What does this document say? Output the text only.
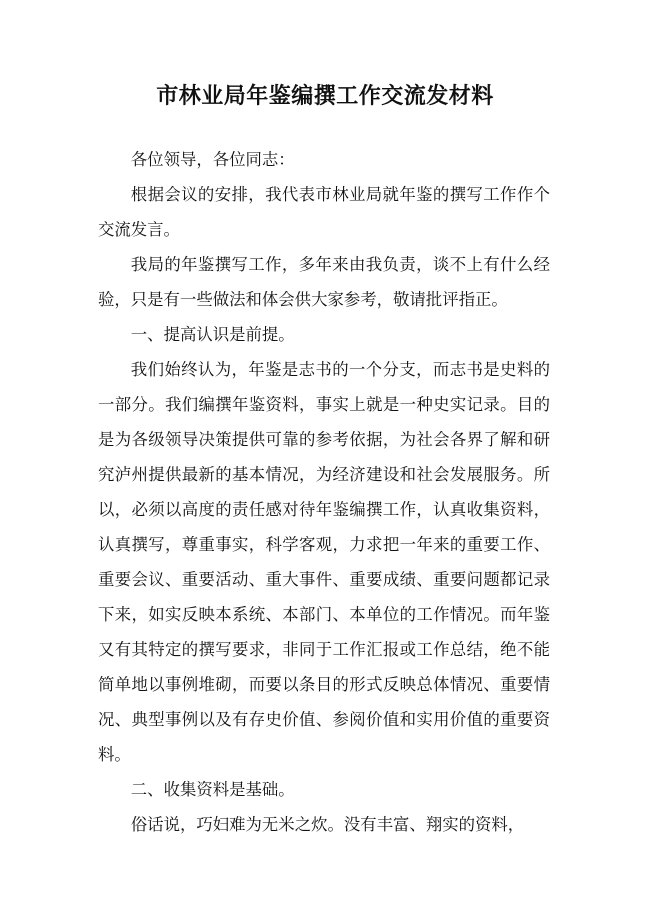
市林业局年鉴编撰工作交流发材料

各位领导，各位同志：

根据会议的安排，我代表市林业局就年鉴的撰写工作作个交流发言。

我局的年鉴撰写工作，多年来由我负责，谈不上有什么经验，只是有一些做法和体会供大家参考，敬请批评指正。

一、提高认识是前提。

我们始终认为，年鉴是志书的一个分支，而志书是史料的一部分。我们编撰年鉴资料，事实上就是一种史实记录。目的是为各级领导决策提供可靠的参考依据，为社会各界了解和研究泸州提供最新的基本情况，为经济建设和社会发展服务。所以，必须以高度的责任感对待年鉴编撰工作，认真收集资料，认真撰写，尊重事实，科学客观，力求把一年来的重要工作、重要会议、重要活动、重大事件、重要成绩、重要问题都记录下来，如实反映本系统、本部门、本单位的工作情况。而年鉴又有其特定的撰写要求，非同于工作汇报或工作总结，绝不能简单地以事例堆砌，而要以条目的形式反映总体情况、重要情况、典型事例以及有存史价值、参阅价值和实用价值的重要资料。

二、收集资料是基础。

俗话说，巧妇难为无米之炊。没有丰富、翔实的资料，
